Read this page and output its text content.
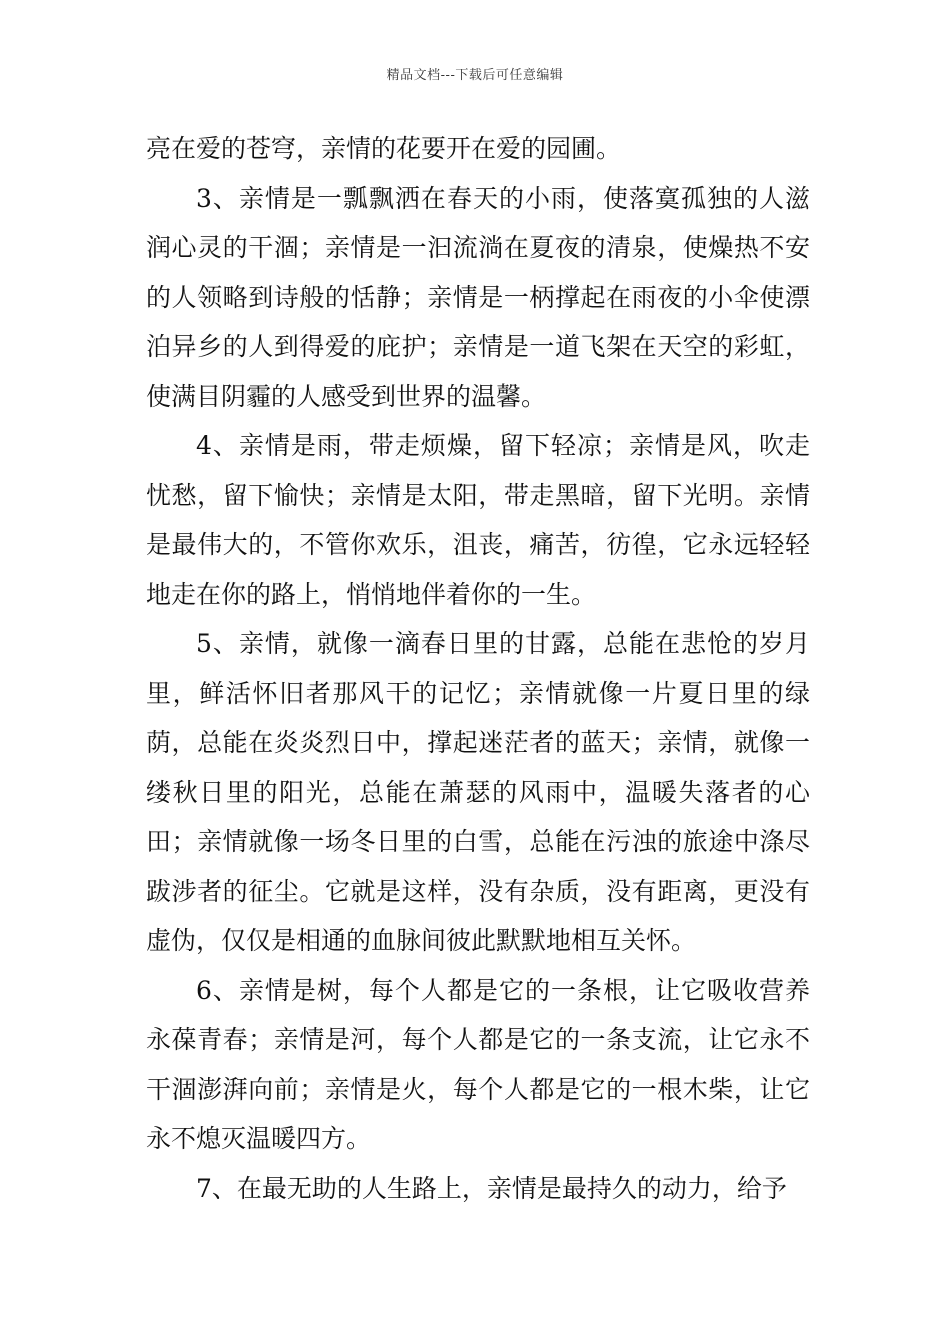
精品文档---下载后可任意编辑

亮在爱的苍穹，亲情的花要开在爱的园圃。

3、亲情是一瓢飘洒在春天的小雨，使落寞孤独的人滋润心灵的干涸；亲情是一汩流淌在夏夜的清泉，使燥热不安的人领略到诗般的恬静；亲情是一柄撑起在雨夜的小伞使漂泊异乡的人到得爱的庇护；亲情是一道飞架在天空的彩虹，使满目阴霾的人感受到世界的温馨。

4、亲情是雨，带走烦燥，留下轻凉；亲情是风，吹走忧愁，留下愉快；亲情是太阳，带走黑暗，留下光明。亲情是最伟大的，不管你欢乐，沮丧，痛苦，彷徨，它永远轻轻地走在你的路上，悄悄地伴着你的一生。

5、亲情，就像一滴春日里的甘露，总能在悲怆的岁月里，鲜活怀旧者那风干的记忆；亲情就像一片夏日里的绿荫，总能在炎炎烈日中，撑起迷茫者的蓝天；亲情，就像一缕秋日里的阳光，总能在萧瑟的风雨中，温暖失落者的心田；亲情就像一场冬日里的白雪，总能在污浊的旅途中涤尽跋涉者的征尘。它就是这样，没有杂质，没有距离，更没有虚伪，仅仅是相通的血脉间彼此默默地相互关怀。

6、亲情是树，每个人都是它的一条根，让它吸收营养永葆青春；亲情是河，每个人都是它的一条支流，让它永不干涸澎湃向前；亲情是火，每个人都是它的一根木柴，让它永不熄灭温暖四方。

7、在最无助的人生路上，亲情是最持久的动力，给予
